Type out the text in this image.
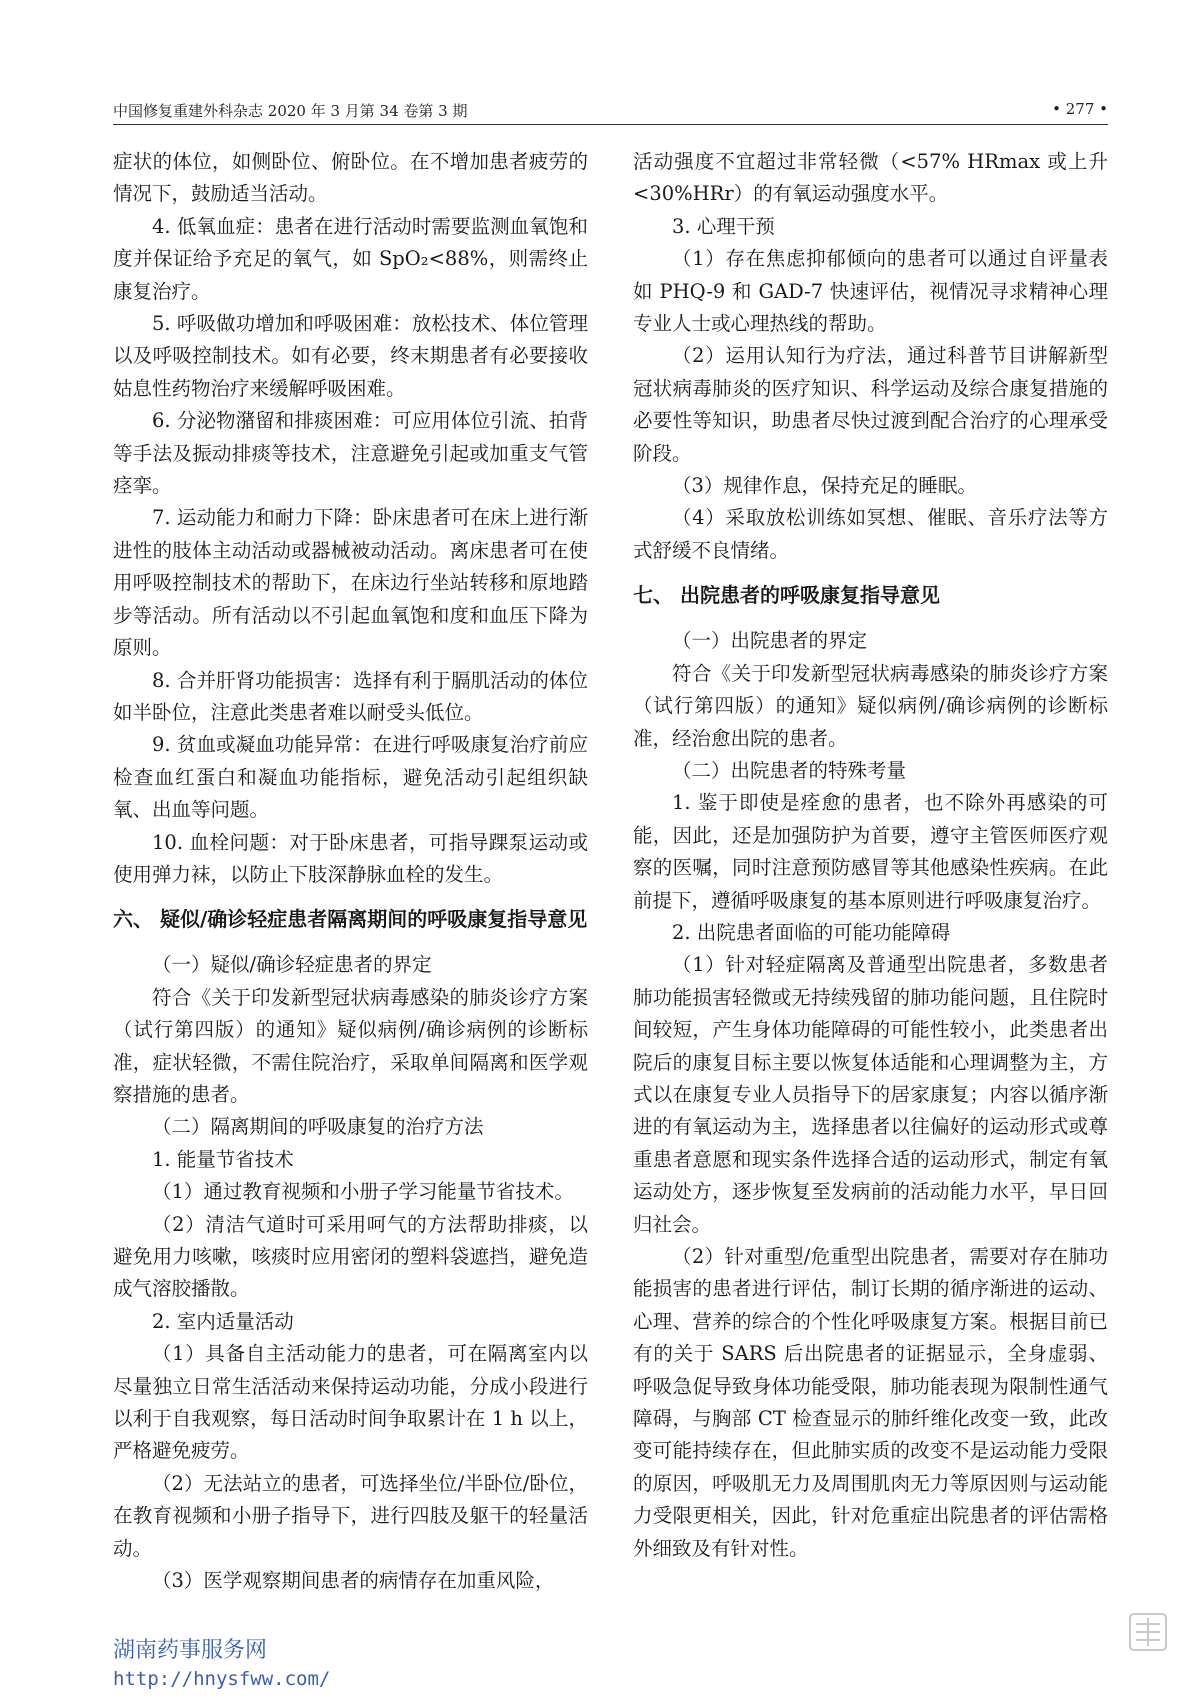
中国修复重建外科杂志 2020 年 3 月第 34 卷第 3 期	• 277 •

症状的体位，如侧卧位、俯卧位。在不增加患者疲劳的情况下，鼓励适当活动。

4. 低氧血症：患者在进行活动时需要监测血氧饱和度并保证给予充足的氧气，如 SpO₂<88%，则需终止康复治疗。

5. 呼吸做功增加和呼吸困难：放松技术、体位管理以及呼吸控制技术。如有必要，终末期患者有必要接收姑息性药物治疗来缓解呼吸困难。

6. 分泌物潴留和排痰困难：可应用体位引流、拍背等手法及振动排痰等技术，注意避免引起或加重支气管痉挛。

7. 运动能力和耐力下降：卧床患者可在床上进行渐进性的肢体主动活动或器械被动活动。离床患者可在使用呼吸控制技术的帮助下，在床边行坐站转移和原地踏步等活动。所有活动以不引起血氧饱和度和血压下降为原则。

8. 合并肝肾功能损害：选择有利于膈肌活动的体位如半卧位，注意此类患者难以耐受头低位。

9. 贫血或凝血功能异常：在进行呼吸康复治疗前应检查血红蛋白和凝血功能指标，避免活动引起组织缺氧、出血等问题。

10. 血栓问题：对于卧床患者，可指导踝泵运动或使用弹力袜，以防止下肢深静脉血栓的发生。

六、 疑似/确诊轻症患者隔离期间的呼吸康复指导意见

（一）疑似/确诊轻症患者的界定

符合《关于印发新型冠状病毒感染的肺炎诊疗方案（试行第四版）的通知》疑似病例/确诊病例的诊断标准，症状轻微，不需住院治疗，采取单间隔离和医学观察措施的患者。

（二）隔离期间的呼吸康复的治疗方法

1. 能量节省技术

（1）通过教育视频和小册子学习能量节省技术。

（2）清洁气道时可采用呵气的方法帮助排痰，以避免用力咳嗽，咳痰时应用密闭的塑料袋遮挡，避免造成气溶胶播散。

2. 室内适量活动

（1）具备自主活动能力的患者，可在隔离室内以尽量独立日常生活活动来保持运动功能，分成小段进行以利于自我观察，每日活动时间争取累计在 1 h 以上，严格避免疲劳。

（2）无法站立的患者，可选择坐位/半卧位/卧位，在教育视频和小册子指导下，进行四肢及躯干的轻量活动。

（3）医学观察期间患者的病情存在加重风险，

活动强度不宜超过非常轻微（<57% HRmax 或上升<30%HRr）的有氧运动强度水平。

3. 心理干预

（1）存在焦虑抑郁倾向的患者可以通过自评量表如 PHQ-9 和 GAD-7 快速评估，视情况寻求精神心理专业人士或心理热线的帮助。

（2）运用认知行为疗法，通过科普节目讲解新型冠状病毒肺炎的医疗知识、科学运动及综合康复措施的必要性等知识，助患者尽快过渡到配合治疗的心理承受阶段。

（3）规律作息，保持充足的睡眠。

（4）采取放松训练如冥想、催眠、音乐疗法等方式舒缓不良情绪。

七、 出院患者的呼吸康复指导意见

（一）出院患者的界定

符合《关于印发新型冠状病毒感染的肺炎诊疗方案（试行第四版）的通知》疑似病例/确诊病例的诊断标准，经治愈出院的患者。

（二）出院患者的特殊考量

1. 鉴于即使是痊愈的患者，也不除外再感染的可能，因此，还是加强防护为首要，遵守主管医师医疗观察的医嘱，同时注意预防感冒等其他感染性疾病。在此前提下，遵循呼吸康复的基本原则进行呼吸康复治疗。

2. 出院患者面临的可能功能障碍

（1）针对轻症隔离及普通型出院患者，多数患者肺功能损害轻微或无持续残留的肺功能问题，且住院时间较短，产生身体功能障碍的可能性较小，此类患者出院后的康复目标主要以恢复体适能和心理调整为主，方式以在康复专业人员指导下的居家康复；内容以循序渐进的有氧运动为主，选择患者以往偏好的运动形式或尊重患者意愿和现实条件选择合适的运动形式，制定有氧运动处方，逐步恢复至发病前的活动能力水平，早日回归社会。

（2）针对重型/危重型出院患者，需要对存在肺功能损害的患者进行评估，制订长期的循序渐进的运动、心理、营养的综合的个性化呼吸康复方案。根据目前已有的关于 SARS 后出院患者的证据显示，全身虚弱、呼吸急促导致身体功能受限，肺功能表现为限制性通气障碍，与胸部 CT 检查显示的肺纤维化改变一致，此改变可能持续存在，但此肺实质的改变不是运动能力受限的原因，呼吸肌无力及周围肌肉无力等原因则与运动能力受限更相关，因此，针对危重症出院患者的评估需格外细致及有针对性。

湖南药事服务网
http://hnysfww.com/
